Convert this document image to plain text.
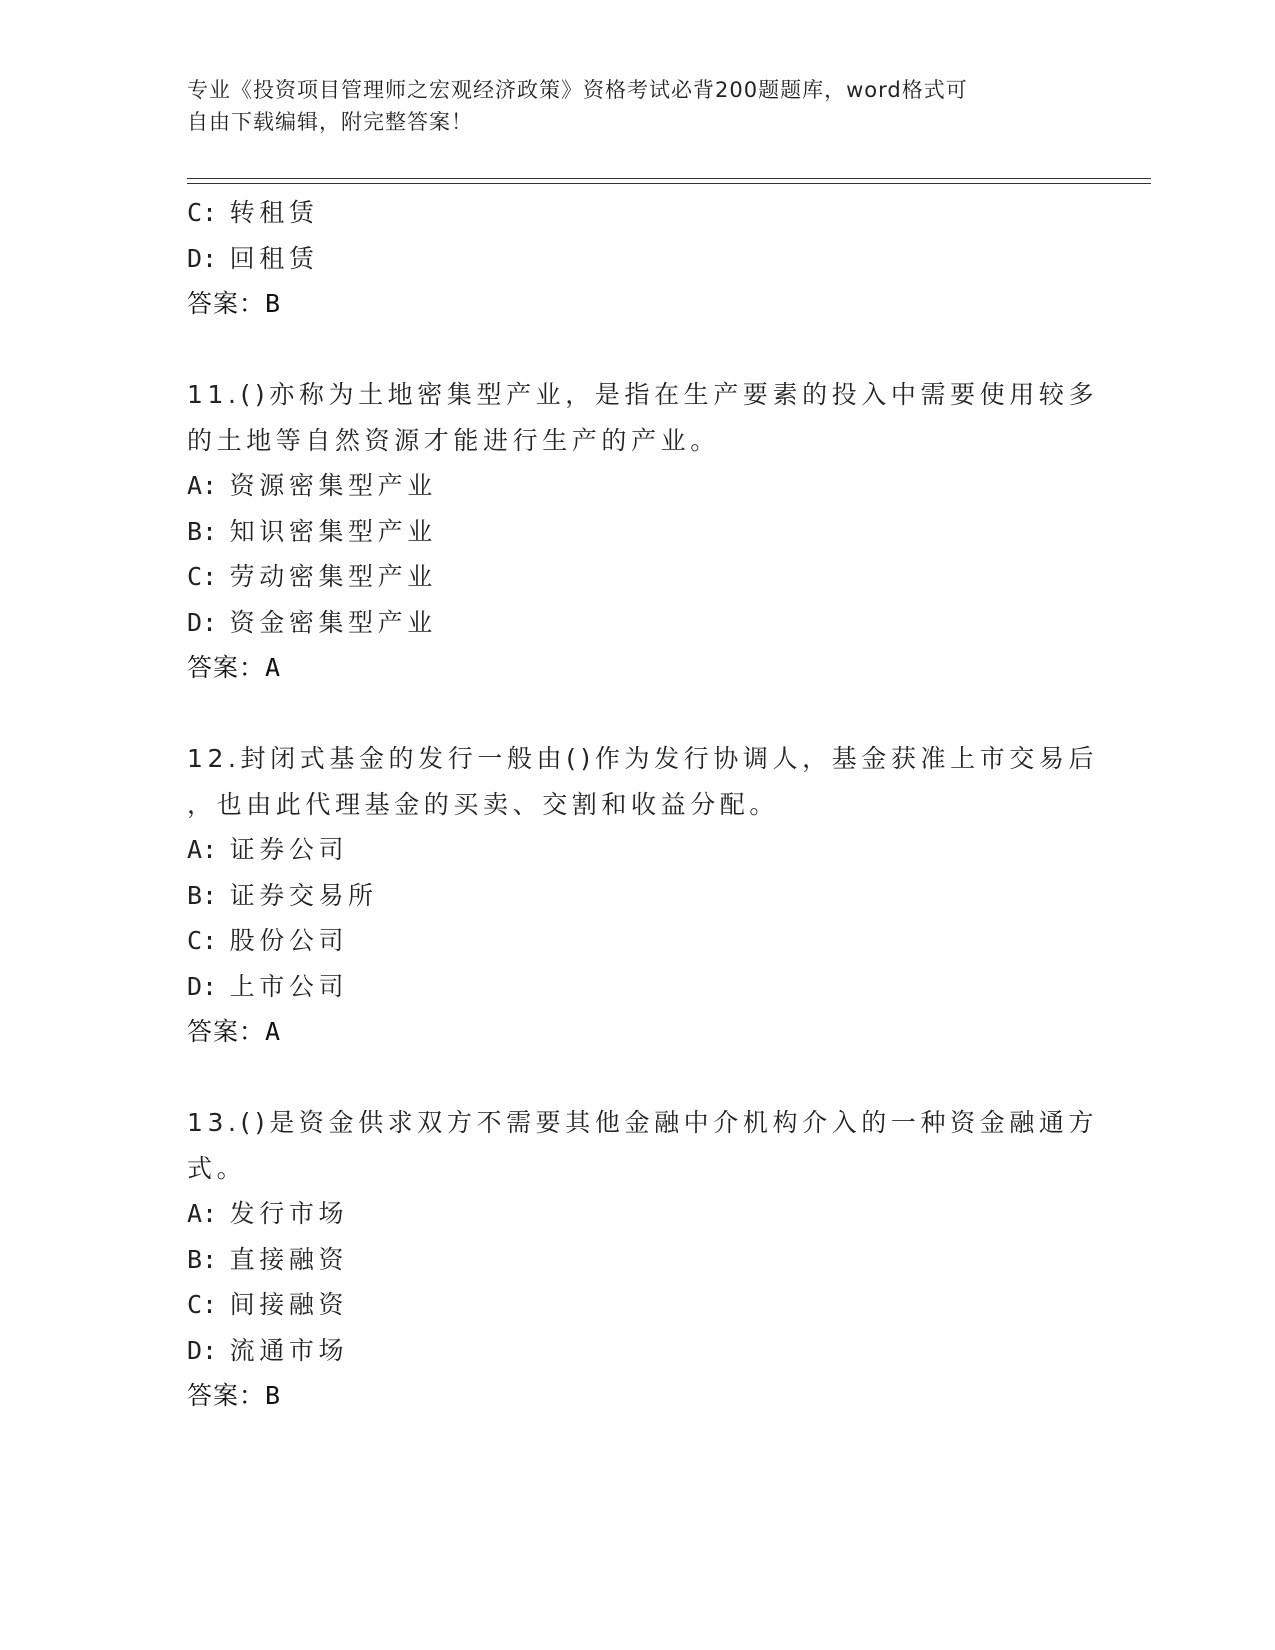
专业《投资项目管理师之宏观经济政策》资格考试必背200题题库，word格式可
自由下载编辑，附完整答案！
C: 转租赁
D: 回租赁
答案：B
11.()亦称为土地密集型产业，是指在生产要素的投入中需要使用较多
的土地等自然资源才能进行生产的产业。
A: 资源密集型产业
B: 知识密集型产业
C: 劳动密集型产业
D: 资金密集型产业
答案：A
12.封闭式基金的发行一般由()作为发行协调人，基金获准上市交易后
，也由此代理基金的买卖、交割和收益分配。
A: 证券公司
B: 证券交易所
C: 股份公司
D: 上市公司
答案：A
13.()是资金供求双方不需要其他金融中介机构介入的一种资金融通方
式。
A: 发行市场
B: 直接融资
C: 间接融资
D: 流通市场
答案：B
